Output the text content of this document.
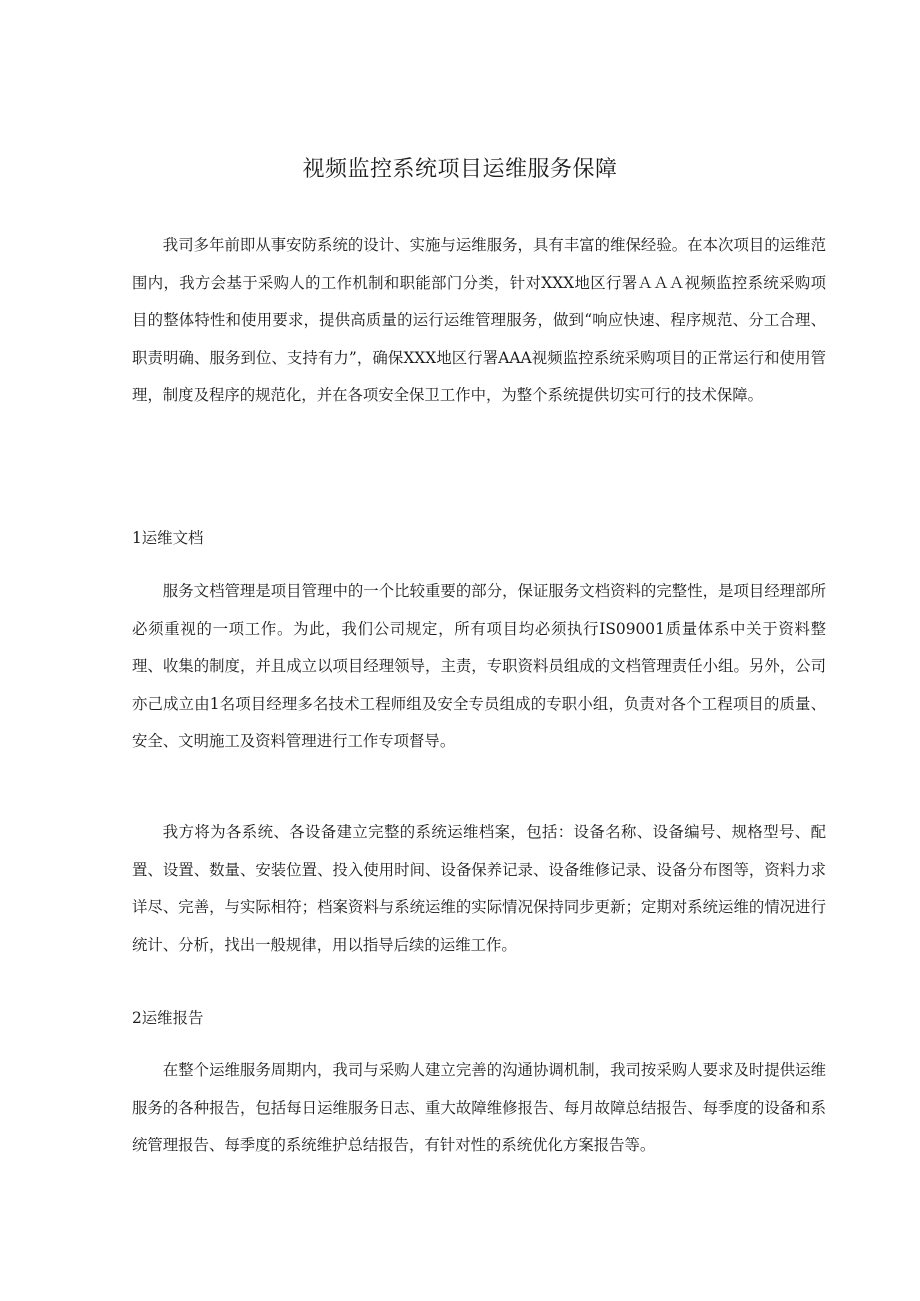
视频监控系统项目运维服务保障

我司多年前即从事安防系统的设计、实施与运维服务，具有丰富的维保经验。在本次项目的运维范围内，我方会基于采购人的工作机制和职能部门分类，针对XXX地区行署ＡＡＡ视频监控系统采购项目的整体特性和使用要求，提供高质量的运行运维管理服务，做到“响应快速、程序规范、分工合理、职责明确、服务到位、支持有力”，确保XXX地区行署AAA视频监控系统采购项目的正常运行和使用管理，制度及程序的规范化，并在各项安全保卫工作中，为整个系统提供切实可行的技术保障。

1运维文档

服务文档管理是项目管理中的一个比较重要的部分，保证服务文档资料的完整性，是项目经理部所必须重视的一项工作。为此，我们公司规定，所有项目均必须执行IS09001质量体系中关于资料整理、收集的制度，并且成立以项目经理领导，主责，专职资料员组成的文档管理责任小组。另外，公司亦己成立由1名项目经理多名技术工程师组及安全专员组成的专职小组，负责对各个工程项目的质量、安全、文明施工及资料管理进行工作专项督导。

我方将为各系统、各设备建立完整的系统运维档案，包括：设备名称、设备编号、规格型号、配置、设置、数量、安装位置、投入使用时间、设备保养记录、设备维修记录、设备分布图等，资料力求详尽、完善，与实际相符；档案资料与系统运维的实际情况保持同步更新；定期对系统运维的情况进行统计、分析，找出一般规律，用以指导后续的运维工作。

2运维报告

在整个运维服务周期内，我司与采购人建立完善的沟通协调机制，我司按采购人要求及时提供运维服务的各种报告，包括每日运维服务日志、重大故障维修报告、每月故障总结报告、每季度的设备和系统管理报告、每季度的系统维护总结报告，有针对性的系统优化方案报告等。
